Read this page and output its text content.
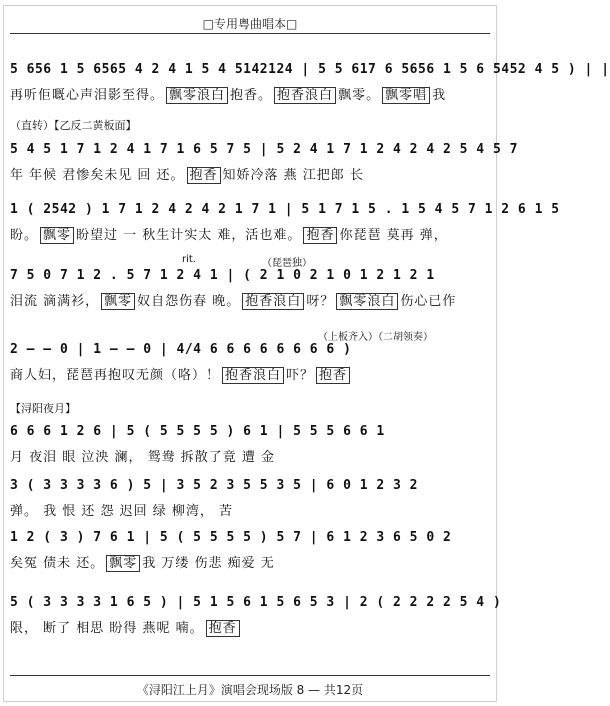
□专用粤曲唱本□
5 656 1 5 6565 4 2 4 1 5 4 5142124 | 5 5 617 6 5656 1 5 6 5452 4 5 ) | |
再听佢嘅心声泪影至得。 飘零浪白 抱香。 抱香浪白 飘零。 飘零唱 我
（直转）【乙反二黄板面】
5 4 5 1 7 1 2 4 1 7 1 6 5 7 5 | 5 2 4 1 7 1 2 4 2 4 2 5 4 5 7
年 年候 君惨矣未见 回 还。 抱香 知娇冷落 燕 江把郎 长
1 ( 2542 ) 1 7 1 2 4 2 4 2 1 7 1 | 5 1 7 1 5 . 1 5 4 5 7 1 2 6 1 5
盼。 飘零 盼望过 一 秋生计实太 难，活也难。 抱香 你琵琶 莫再 弹，
rit.	（琵琶独）
7 5 0 7 1 2 . 5 7 1 2 4 1 | ( 2 1 0 2 1 0 1 2 1 2 1
泪流 滴满衫， 飘零 奴自怨伤春 晚。 抱香浪白 呀？ 飘零浪白 伤心已作
（上板齐入）（二胡领奏）
2 — — 0 | 1 — — 0 | 4/4 6 6 6 6 6 6 6 6 )
商人妇，琵琶再抱叹无颜（咯）！ 抱香浪白 吓？ 抱香
【浔阳夜月】
6 6 6 1 2 6 | 5 ( 5 5 5 5 ) 6 1 | 5 5 5 6 6 1
月 夜泪 眼 泣泱 澜， 鸳鸯 拆散了竟 遭 金
3 ( 3 3 3 3 6 ) 5 | 3 5 2 3 5 5 3 5 | 6 0 1 2 3 2
弹。 我 恨 还 怨 迟回 绿 柳湾， 苦
1 2 ( 3 ) 7 6 1 | 5 ( 5 5 5 5 ) 5 7 | 6 1 2 3 6 5 0 2
矣冤 债未 还。 飘零 我 万缕 伤悲 痴爱 无
5 ( 3 3 3 3 1 6 5 ) | 5 1 5 6 1 5 6 5 3 | 2 ( 2 2 2 2 5 4 )
限， 断了 相思 盼得 燕呢 喃。 抱香
《浔阳江上月》演唱会现场版 8 — 共12页
